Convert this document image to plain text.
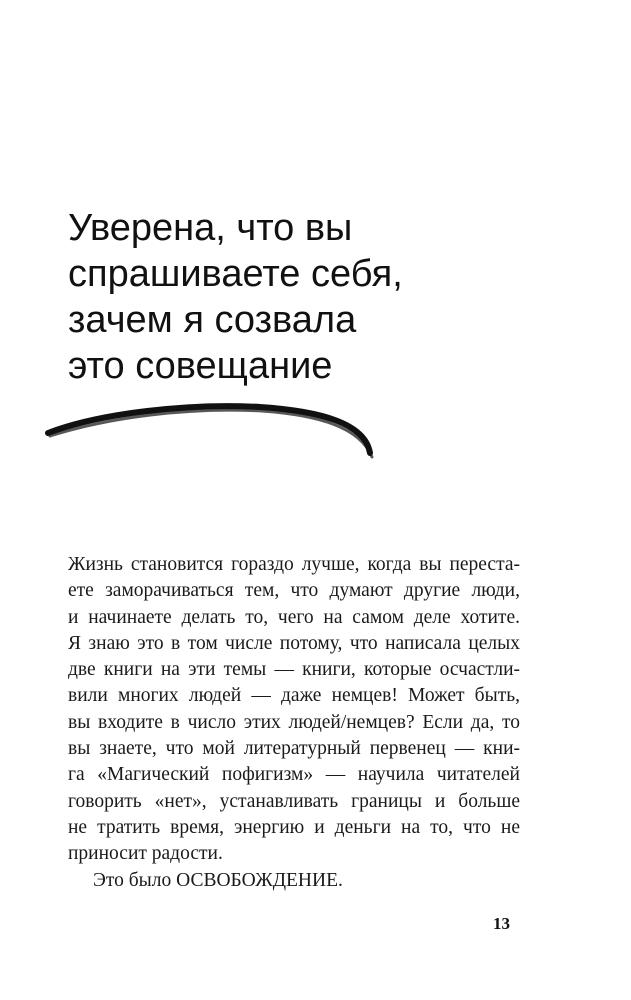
Уверена, что вы
спрашиваете себя,
зачем я созвала
это совещание
Жизнь становится гораздо лучше, когда вы переста-
ете заморачиваться тем, что думают другие люди,
и начинаете делать то, чего на самом деле хотите.
Я знаю это в том числе потому, что написала целых
две книги на эти темы — книги, которые осчастли-
вили многих людей — даже немцев! Может быть,
вы входите в число этих людей/немцев? Если да, то
вы знаете, что мой литературный первенец — кни-
га «Магический пофигизм» — научила читателей
говорить «нет», устанавливать границы и больше
не тратить время, энергию и деньги на то, что не
приносит радости.
Это было ОСВОБОЖДЕНИЕ.
13
